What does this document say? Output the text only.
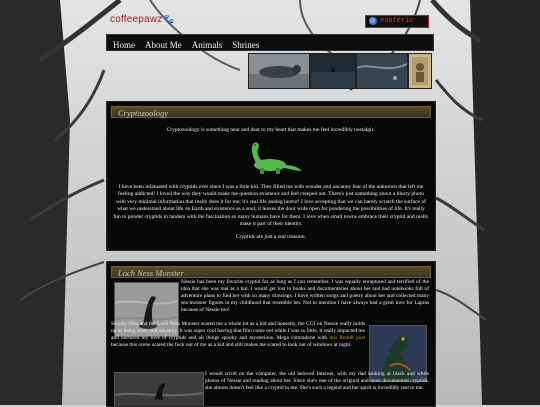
coffeepawz🐾	esoteric
Home About Me Animals Shrines
Cryptozoology
Cryptozoology is something near and dear to my heart that makes me feel incredibly nostalgic.
I have been infatuated with cryptids ever since I was a little kid. They filled me with wonder and uncanny fear of the unknown that left me feeling addicted! I loved the way they would make me question existence and feel creeped out. There's just something about a blurry photo with very minimal information that really does it for me; it's real life analog horror! I love accepting that we can barely scratch the surface of what we understand about life on Earth and existence as a soul; it leaves the door wide open for pondering the possibilities of life. It's really fun to ponder cryptids in tandem with the fascination so many humans have for them. I love when small towns embrace their cryptid and really make it part of their identity.
Cryptids are just a real treasure.
Loch Ness Monster
Nessie has been my favorite cryptid for as long as I can remember. I was equally enraptured and terrified of the idea that she was real as a kid. I would get lost in books and documentaries about her and had notebooks full of adventure plans to find her with so many drawings. I have written songs and poetry about her and collected many sea monster figures in my childhood that resemble her. Not to mention I have always had a great love for Lapras because of Nessie too!
Scooby-Doo and the Loch Ness Monster scared me a whole lot as a kid and honestly, the CGI on Nessie really holds up as being scary and uncanny. It was super cool having that film come out while I was so little, it really impacted me and nurtured my love of cryptids and all things spooky and mysterious. Mega comraderie with this Reddit post because this scene scared the fuck out of me as a kid and still makes me scared to look out of windows at night.
I would scroll on the computer, the old beloved Internet, with my dad looking at black and white photos of Nessie and reading about her. Since she's one of the original and most documented cryptids, she almost doesn't feel like a cryptid to me. She's such a legend and her spirit is incredibly real to me.
